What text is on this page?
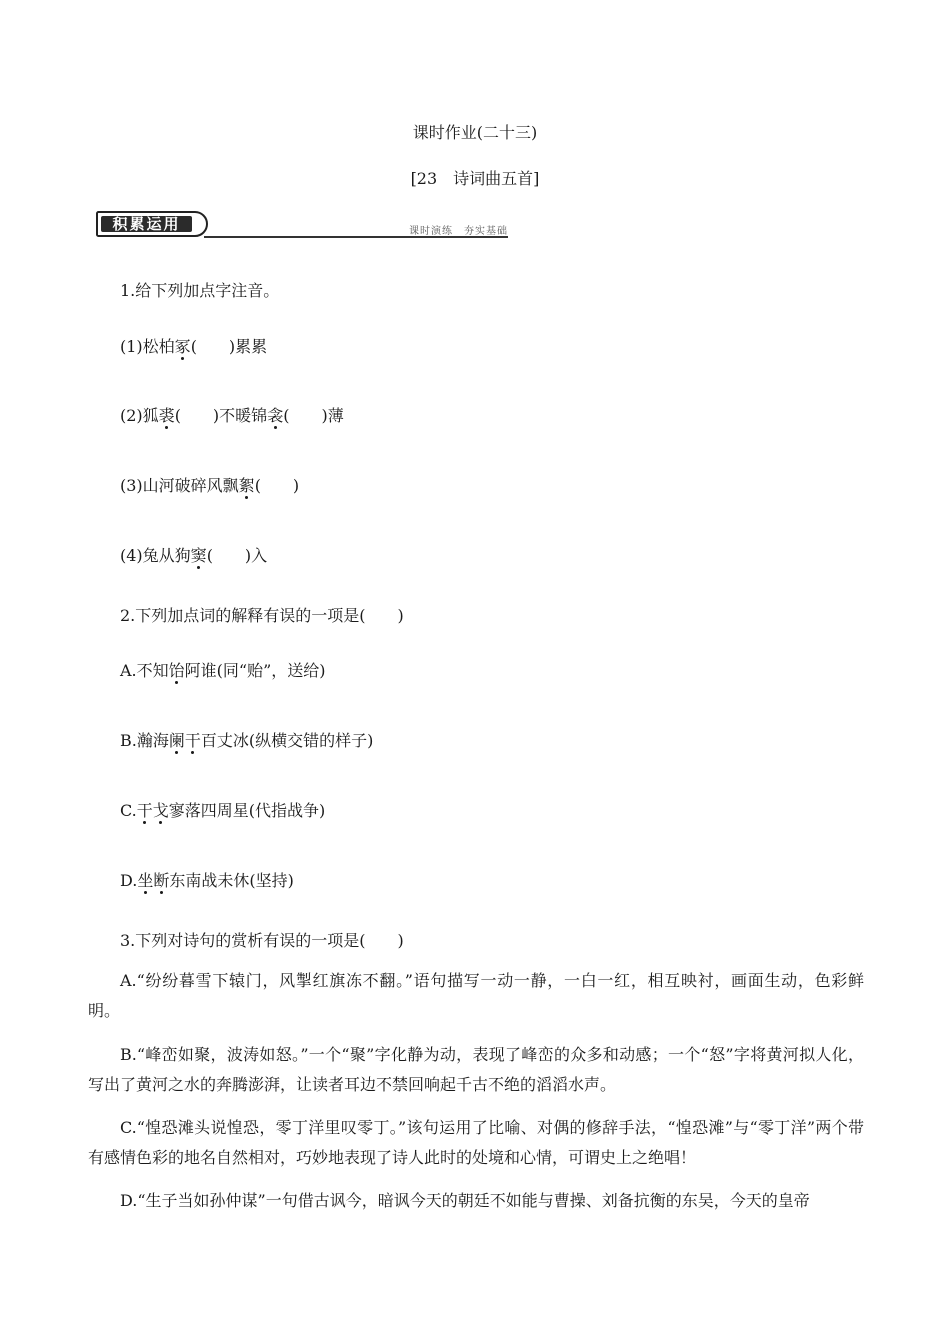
课时作业(二十三)
[23　诗词曲五首]
积累运用	课时演练　夯实基础
1.给下列加点字注音。
(1)松柏冢(　　)累累
(2)狐裘(　　)不暖锦衾(　　)薄
(3)山河破碎风飘絮(　　)
(4)兔从狗窦(　　)入
2.下列加点词的解释有误的一项是(　　)
A.不知饴阿谁(同“贻”，送给)
B.瀚海阑干百丈冰(纵横交错的样子)
C.干戈寥落四周星(代指战争)
D.坐断东南战未休(坚持)
3.下列对诗句的赏析有误的一项是(　　)
A.“纷纷暮雪下辕门，风掣红旗冻不翻。”语句描写一动一静，一白一红，相互映衬，画面生动，色彩鲜明。
B.“峰峦如聚，波涛如怒。”一个“聚”字化静为动，表现了峰峦的众多和动感；一个“怒”字将黄河拟人化，写出了黄河之水的奔腾澎湃，让读者耳边不禁回响起千古不绝的滔滔水声。
C.“惶恐滩头说惶恐，零丁洋里叹零丁。”该句运用了比喻、对偶的修辞手法，“惶恐滩”与“零丁洋”两个带有感情色彩的地名自然相对，巧妙地表现了诗人此时的处境和心情，可谓史上之绝唱！
D.“生子当如孙仲谋”一句借古讽今，暗讽今天的朝廷不如能与曹操、刘备抗衡的东吴，今天的皇帝
